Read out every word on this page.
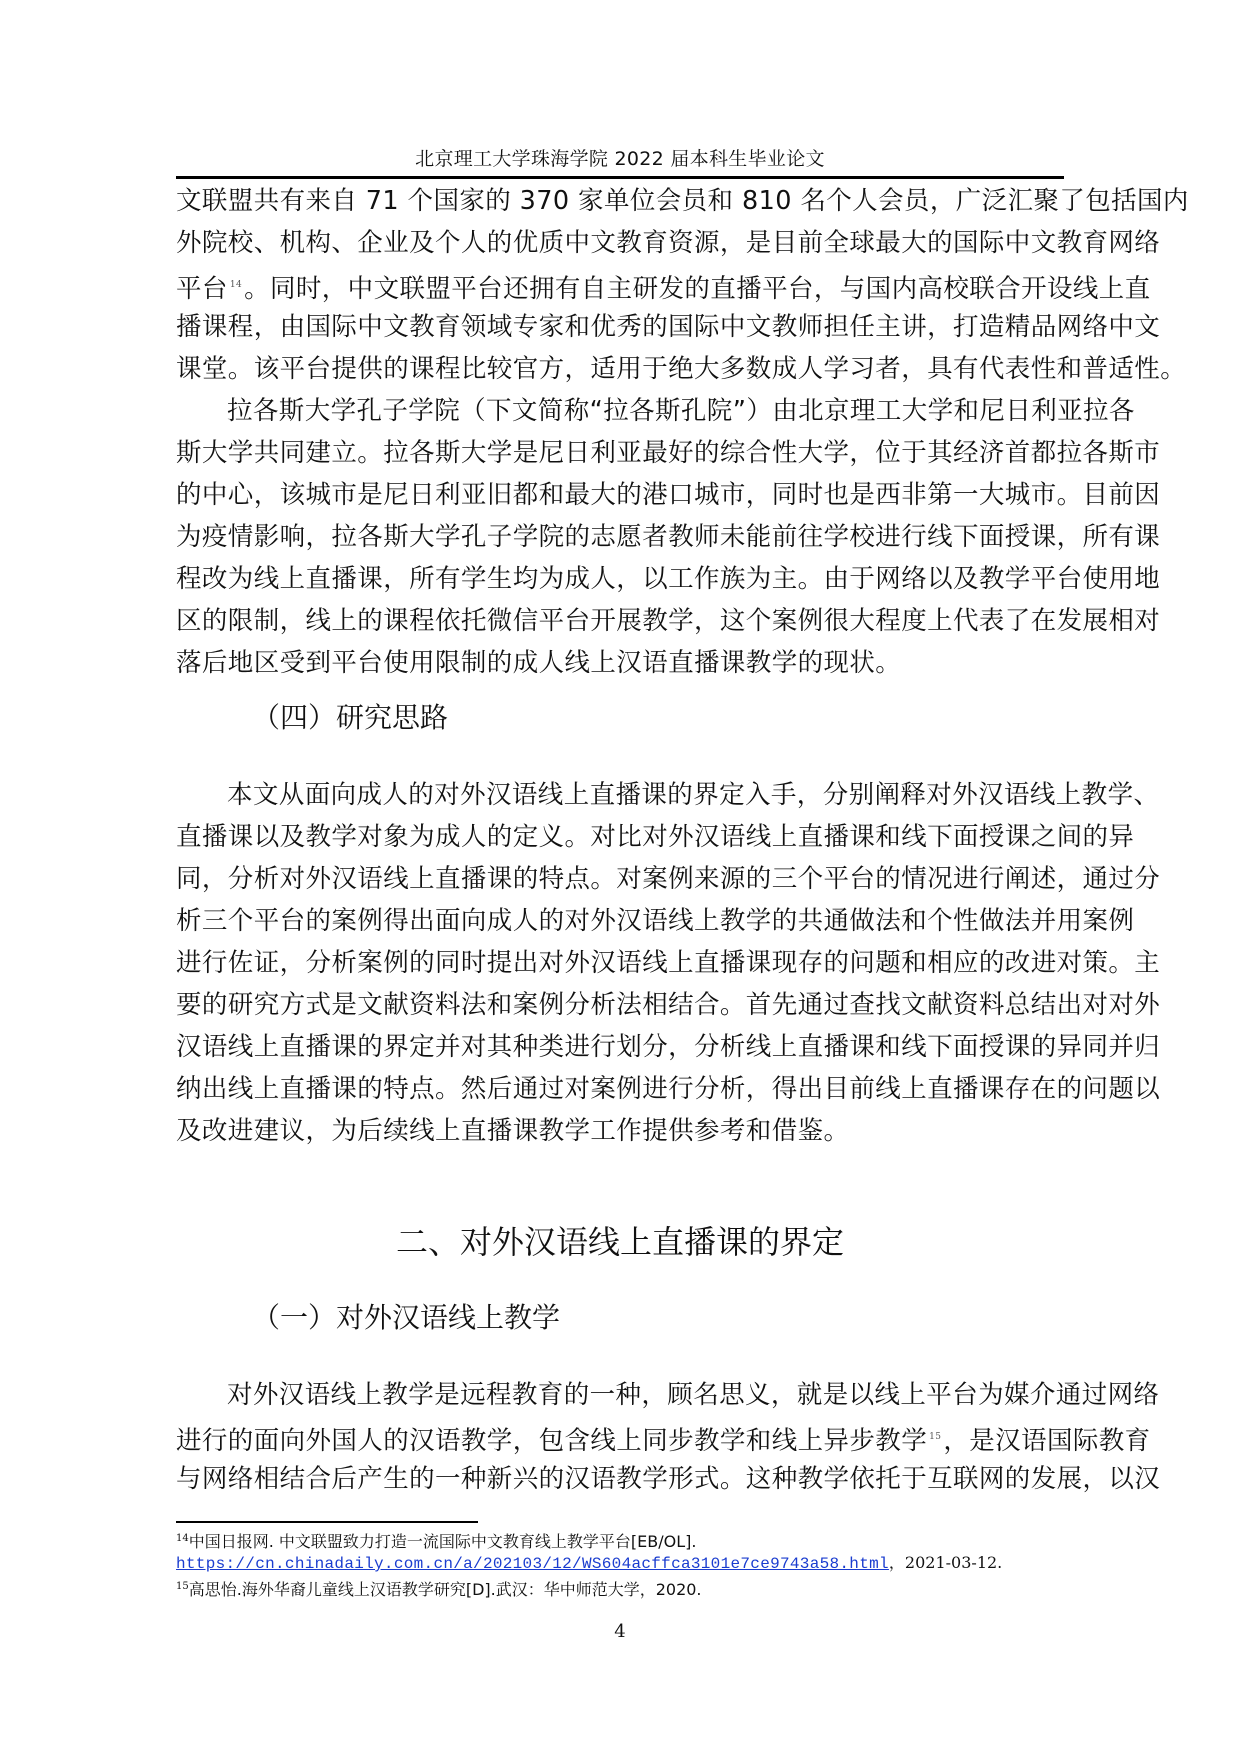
北京理工大学珠海学院 2022 届本科生毕业论文
文联盟共有来自 71 个国家的 370 家单位会员和 810 名个人会员，广泛汇聚了包括国内
外院校、机构、企业及个人的优质中文教育资源，是目前全球最大的国际中文教育网络
平台 $^{14}$。同时，中文联盟平台还拥有自主研发的直播平台，与国内高校联合开设线上直
播课程，由国际中文教育领域专家和优秀的国际中文教师担任主讲，打造精品网络中文
课堂。该平台提供的课程比较官方，适用于绝大多数成人学习者，具有代表性和普适性。
拉各斯大学孔子学院（下文简称“拉各斯孔院”）由北京理工大学和尼日利亚拉各
斯大学共同建立。拉各斯大学是尼日利亚最好的综合性大学，位于其经济首都拉各斯市
的中心，该城市是尼日利亚旧都和最大的港口城市，同时也是西非第一大城市。目前因
为疫情影响，拉各斯大学孔子学院的志愿者教师未能前往学校进行线下面授课，所有课
程改为线上直播课，所有学生均为成人，以工作族为主。由于网络以及教学平台使用地
区的限制，线上的课程依托微信平台开展教学，这个案例很大程度上代表了在发展相对
落后地区受到平台使用限制的成人线上汉语直播课教学的现状。
（四）研究思路
本文从面向成人的对外汉语线上直播课的界定入手，分别阐释对外汉语线上教学、
直播课以及教学对象为成人的定义。对比对外汉语线上直播课和线下面授课之间的异
同，分析对外汉语线上直播课的特点。对案例来源的三个平台的情况进行阐述，通过分
析三个平台的案例得出面向成人的对外汉语线上教学的共通做法和个性做法并用案例
进行佐证，分析案例的同时提出对外汉语线上直播课现存的问题和相应的改进对策。主
要的研究方式是文献资料法和案例分析法相结合。首先通过查找文献资料总结出对对外
汉语线上直播课的界定并对其种类进行划分，分析线上直播课和线下面授课的异同并归
纳出线上直播课的特点。然后通过对案例进行分析，得出目前线上直播课存在的问题以
及改进建议，为后续线上直播课教学工作提供参考和借鉴。
二、对外汉语线上直播课的界定
（一）对外汉语线上教学
对外汉语线上教学是远程教育的一种，顾名思义，就是以线上平台为媒介通过网络
进行的面向外国人的汉语教学，包含线上同步教学和线上异步教学 $^{15}$，是汉语国际教育
与网络相结合后产生的一种新兴的汉语教学形式。这种教学依托于互联网的发展，以汉
$^{14}$中国日报网. 中文联盟致力打造一流国际中文教育线上教学平台[EB/OL].
https://cn.chinadaily.com.cn/a/202103/12/WS604acffca3101e7ce9743a58.html，2021-03-12.
$^{15}$高思怡.海外华裔儿童线上汉语教学研究[D].武汉：华中师范大学，2020.
4
